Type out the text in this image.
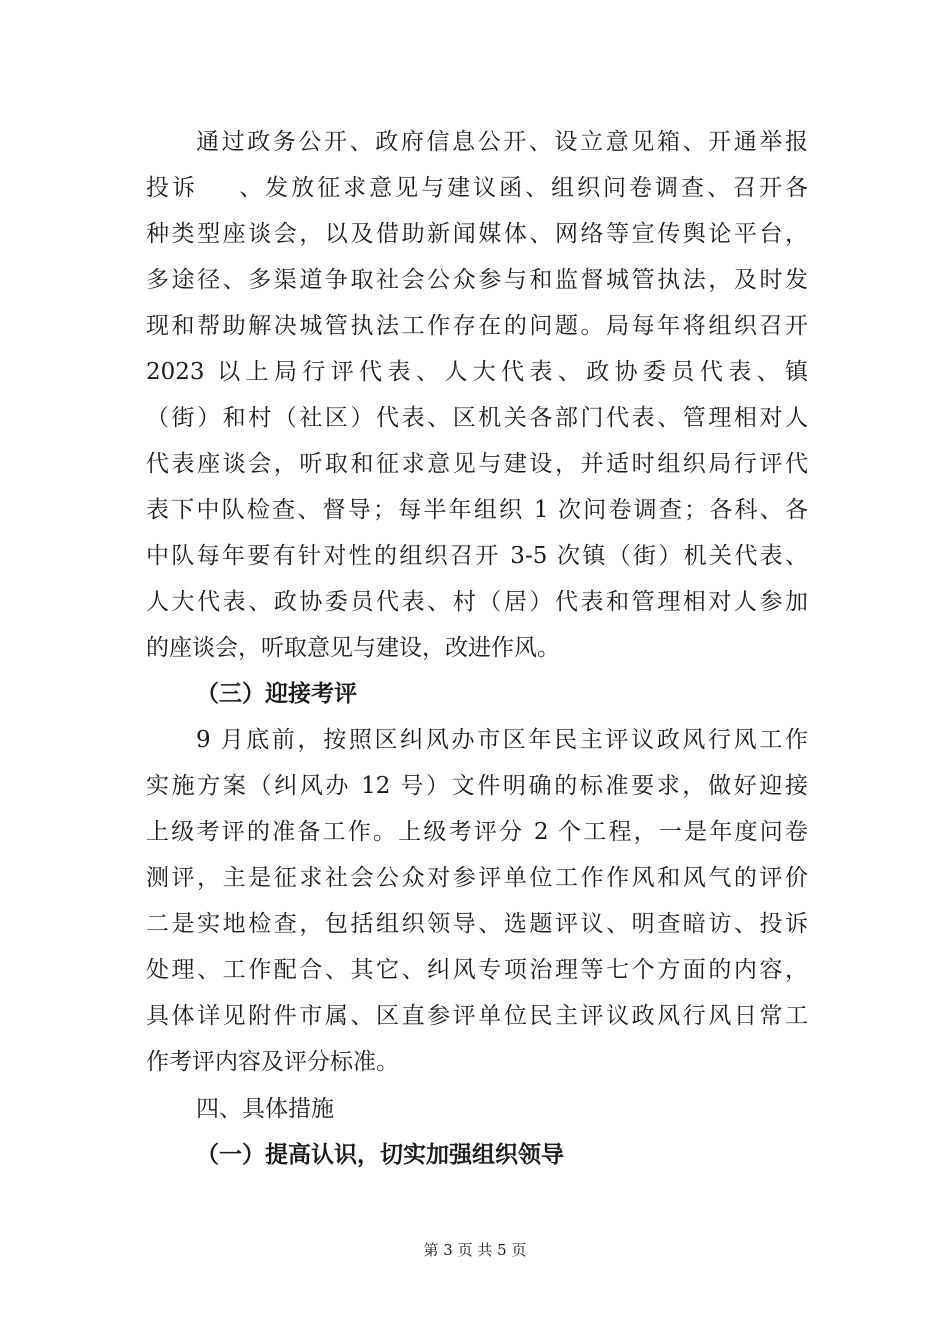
通过政务公开、政府信息公开、设立意见箱、开通举报
投诉    、发放征求意见与建议函、组织问卷调查、召开各
种类型座谈会，以及借助新闻媒体、网络等宣传舆论平台，
多途径、多渠道争取社会公众参与和监督城管执法，及时发
现和帮助解决城管执法工作存在的问题。局每年将组织召开
2023 以上局行评代表、人大代表、政协委员代表、镇
（街）和村（社区）代表、区机关各部门代表、管理相对人
代表座谈会，听取和征求意见与建设，并适时组织局行评代
表下中队检查、督导；每半年组织 1 次问卷调查；各科、各
中队每年要有针对性的组织召开 3-5 次镇（街）机关代表、
人大代表、政协委员代表、村（居）代表和管理相对人参加
的座谈会，听取意见与建设，改进作风。
（三）迎接考评
9 月底前，按照区纠风办市区年民主评议政风行风工作
实施方案（纠风办 12 号）文件明确的标准要求，做好迎接
上级考评的准备工作。上级考评分 2 个工程，一是年度问卷
测评，主是征求社会公众对参评单位工作作风和风气的评价
二是实地检查，包括组织领导、选题评议、明查暗访、投诉
处理、工作配合、其它、纠风专项治理等七个方面的内容，
具体详见附件市属、区直参评单位民主评议政风行风日常工
作考评内容及评分标准。
四、具体措施
（一）提高认识，切实加强组织领导
第 3 页 共 5 页
